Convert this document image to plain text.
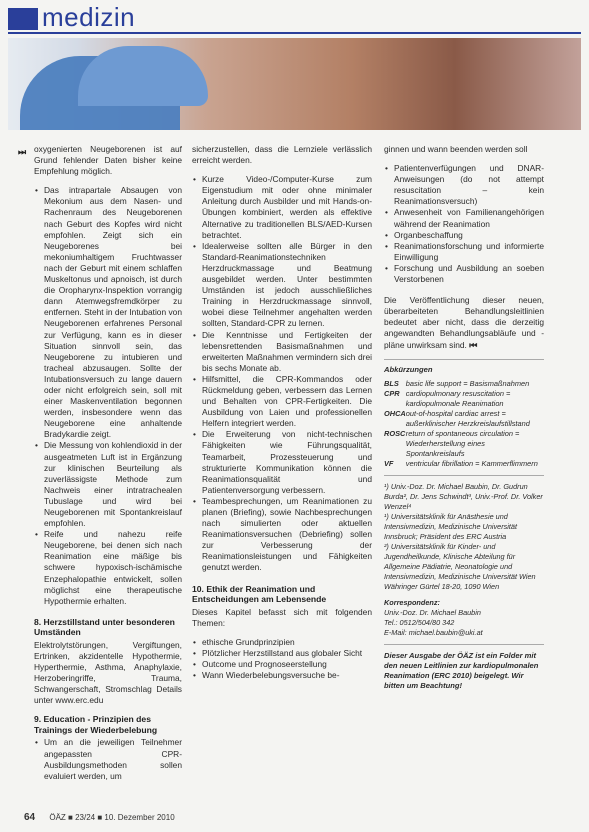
medizin
⏭ oxygenierten Neugeborenen ist auf Grund fehlender Daten bisher keine Empfehlung möglich.

• Das intrapartale Absaugen von Mekonium aus dem Nasen- und Rachenraum des Neugeborenen nach Geburt des Kopfes wird nicht empfohlen. Zeigt sich ein Neugeborenes bei mekoniumhaltigem Fruchtwasser nach der Geburt mit einem schlaffen Muskeltonus und apnoisch, ist durch die Oropharynx-Inspektion vorrangig dann Atemwegsfremdkörper zu entfernen. Steht in der Intubation von Neugeborenen erfahrenes Personal zur Verfügung, kann es in dieser Situation sinnvoll sein, das Neugeborene zu intubieren und tracheal abzusaugen. Sollte der Intubationsversuch zu lange dauern oder nicht erfolgreich sein, soll mit einer Maskenventilation begonnen werden, insbesondere wenn das Neugeborene eine anhaltende Bradykardie zeigt.
• Die Messung von kohlendioxid in der ausgeatmeten Luft ist in Ergänzung zur klinischen Beurteilung als zuverlässigste Methode zum Nachweis einer intratrachealen Tubuslage und wird bei Neugeborenen mit Spontankreislauf empfohlen.
• Reife und nahezu reife Neugeborene, bei denen sich nach Reanimation eine mäßige bis schwere hypoxisch-ischämische Enzephalopathie entwickelt, sollen möglichst eine therapeutische Hypothermie erhalten.
8. Herzstillstand unter besonderen Umständen

Elektrolytstörungen, Vergiftungen, Ertrinken, akzidentelle Hypothermie, Hyperthermie, Asthma, Anaphylaxie, Herzoberingriffe, Trauma, Schwangerschaft, Stromschlag Details unter www.erc.edu

9. Education - Prinzipien des Trainings der Wiederbelebung
• Um an die jeweiligen Teilnehmer angepassten CPR-Ausbildungsmethoden sollen evaluiert werden, um

sicherzustellen, dass die Lernziele verlässlich erreicht werden.

• Kurze Video-/Computer-Kurse zum Eigenstudium mit oder ohne minimaler Anleitung durch Ausbilder und mit Hands-on-Übungen kombiniert, werden als effektive Alternative zu traditionellen BLS/AED-Kursen betrachtet.
• Idealerweise sollten alle Bürger in den Standard-Reanimationstechniken Herzdruckmassage und Beatmung ausgebildet werden. Unter bestimmten Umständen ist jedoch ausschließliches Training in Herzdruckmassage sinnvoll, wobei diese Teilnehmer angehalten werden sollten, Standard-CPR zu lernen.
• Die Kenntnisse und Fertigkeiten der lebensrettenden Basismaßnahmen und erweiterten Maßnahmen vermindern sich drei bis sechs Monate ab.
• Hilfsmittel, die CPR-Kommandos oder Rückmeldung geben, verbessern das Lernen und Behalten von CPR-Fertigkeiten. Die Ausbildung von Laien und professionellen Helfern integriert werden.
• Die Erweiterung von nicht-technischen Fähigkeiten wie Führungsqualität, Teamarbeit, Prozessteuerung und strukturierte Kommunikation können die Reanimationsqualität und Patientenversorgung verbessern.
• Teambesprechungen, um Reanimationen zu planen (Briefing), sowie Nachbesprechungen nach simulierten oder aktuellen Reanimationsversuchen (Debriefing) sollen zur Verbesserung der Reanimationsleistungen und Fähigkeiten genutzt werden.
10. Ethik der Reanimation und Entscheidungen am Lebensende

Dieses Kapitel befasst sich mit folgenden Themen:

• ethische Grundprinzipien
• Plötzlicher Herzstillstand aus globaler Sicht
• Outcome und Prognoseerstellung
• Wann Wiederbelebungsversuche be-

ginnen und wann beenden werden soll

• Patientenverfügungen und DNAR-Anweisungen (do not attempt resuscitation – kein Reanimationsversuch)
• Anwesenheit von Familienangehörigen während der Reanimation
• Organbeschaffung
• Reanimationsforschung und informierte Einwilligung
• Forschung und Ausbildung an soeben Verstorbenen

Die Veröffentlichung dieser neuen, überarbeiteten Behandlungsleitlinien bedeutet aber nicht, dass die derzeitig angewandten Behandlungsabläufe und -pläne unwirksam sind. ⏮

Abkürzungen
BLS	basic life support = Basismaßnahmen
CPR	cardiopulmonary resuscitation = kardiopulmonale Reanimation
OHCA	out-of-hospital cardiac arrest = außerklinischer Herzkreislaufstillstand
ROSC	return of spontaneous circulation = Wiederherstellung eines Spontankreislaufs
VF	ventricular fibrillation = Kammerflimmern
¹) Univ.-Doz. Dr. Michael Baubin, Dr. Gudrun Burda², Dr. Jens Schwindt³, Univ.-Prof. Dr. Volker Wenzel⁴
¹) Universitätsklinik für Anästhesie und Intensivmedizin, Medizinische Universität Innsbruck; Präsident des ERC Austria
²) Universitätsklinik für Kinder- und Jugendheilkunde, Klinische Abteilung für Allgemeine Pädiatrie, Neonatologie und Intensivmedizin, Medizinische Universität Wien
Währinger Gürtel 18-20, 1090 Wien
Korrespondenz:
Univ.-Doz. Dr. Michael Baubin
Tel.: 0512/504/80 342
E-Mail: michael.baubin@uki.at
Dieser Ausgabe der ÖÄZ ist ein Folder mit den neuen Leitlinien zur kardiopulmonalen Reanimation (ERC 2010) beigelegt. Wir bitten um Beachtung!
64 ÖÄZ ■ 23/24 ■ 10. Dezember 2010
